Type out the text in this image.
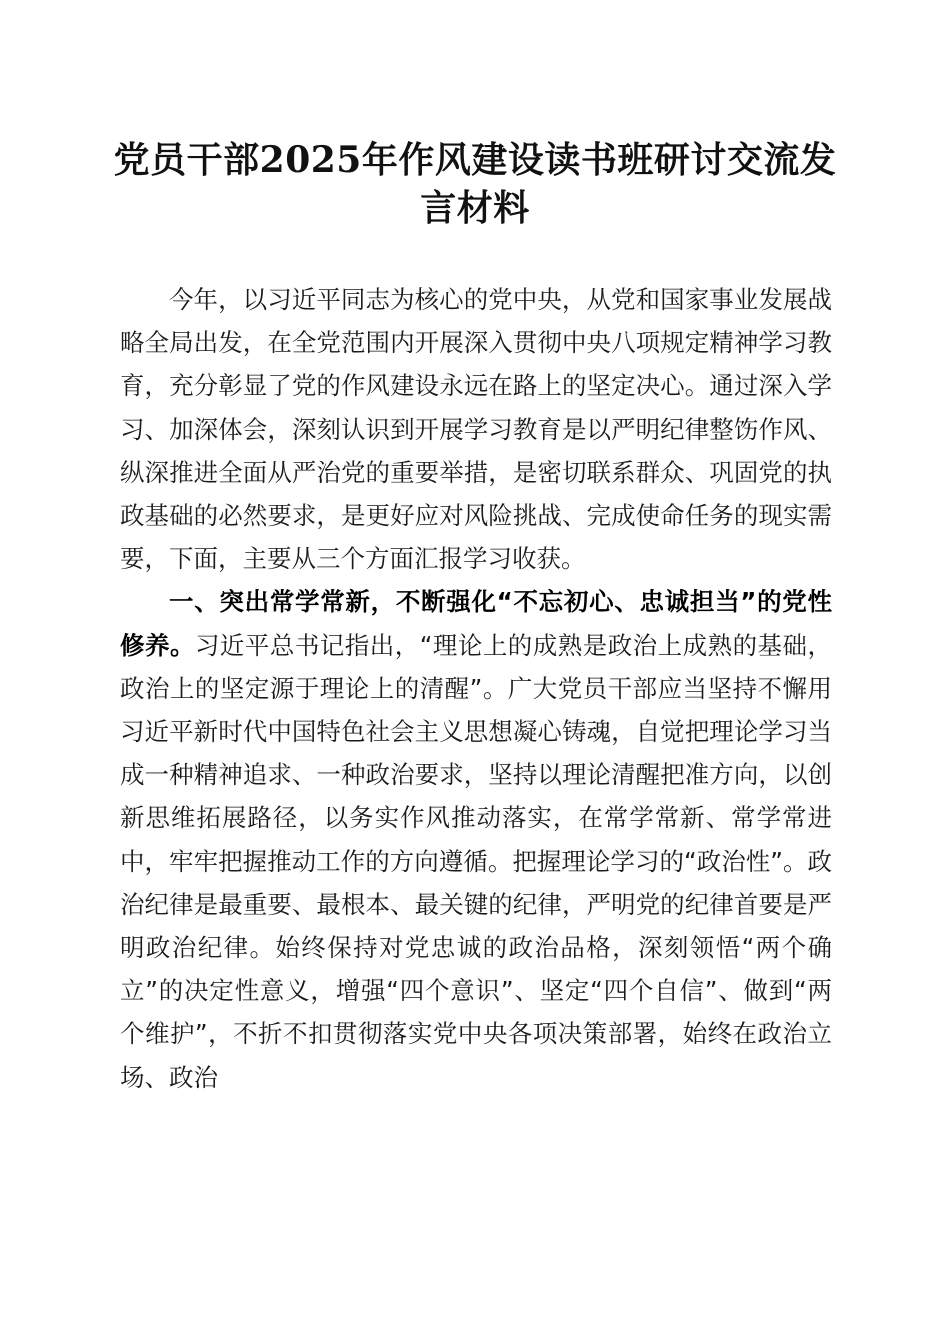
党员干部2025年作风建设读书班研讨交流发言材料

今年，以习近平同志为核心的党中央，从党和国家事业发展战略全局出发，在全党范围内开展深入贯彻中央八项规定精神学习教育，充分彰显了党的作风建设永远在路上的坚定决心。通过深入学习、加深体会，深刻认识到开展学习教育是以严明纪律整饬作风、纵深推进全面从严治党的重要举措，是密切联系群众、巩固党的执政基础的必然要求，是更好应对风险挑战、完成使命任务的现实需要，下面，主要从三个方面汇报学习收获。

一、突出常学常新，不断强化“不忘初心、忠诚担当”的党性修养。习近平总书记指出，“理论上的成熟是政治上成熟的基础，政治上的坚定源于理论上的清醒”。广大党员干部应当坚持不懈用习近平新时代中国特色社会主义思想凝心铸魂，自觉把理论学习当成一种精神追求、一种政治要求，坚持以理论清醒把准方向，以创新思维拓展路径，以务实作风推动落实，在常学常新、常学常进中，牢牢把握推动工作的方向遵循。把握理论学习的“政治性”。政治纪律是最重要、最根本、最关键的纪律，严明党的纪律首要是严明政治纪律。始终保持对党忠诚的政治品格，深刻领悟“两个确立”的决定性意义，增强“四个意识”、坚定“四个自信”、做到“两个维护”，不折不扣贯彻落实党中央各项决策部署，始终在政治立场、政治
